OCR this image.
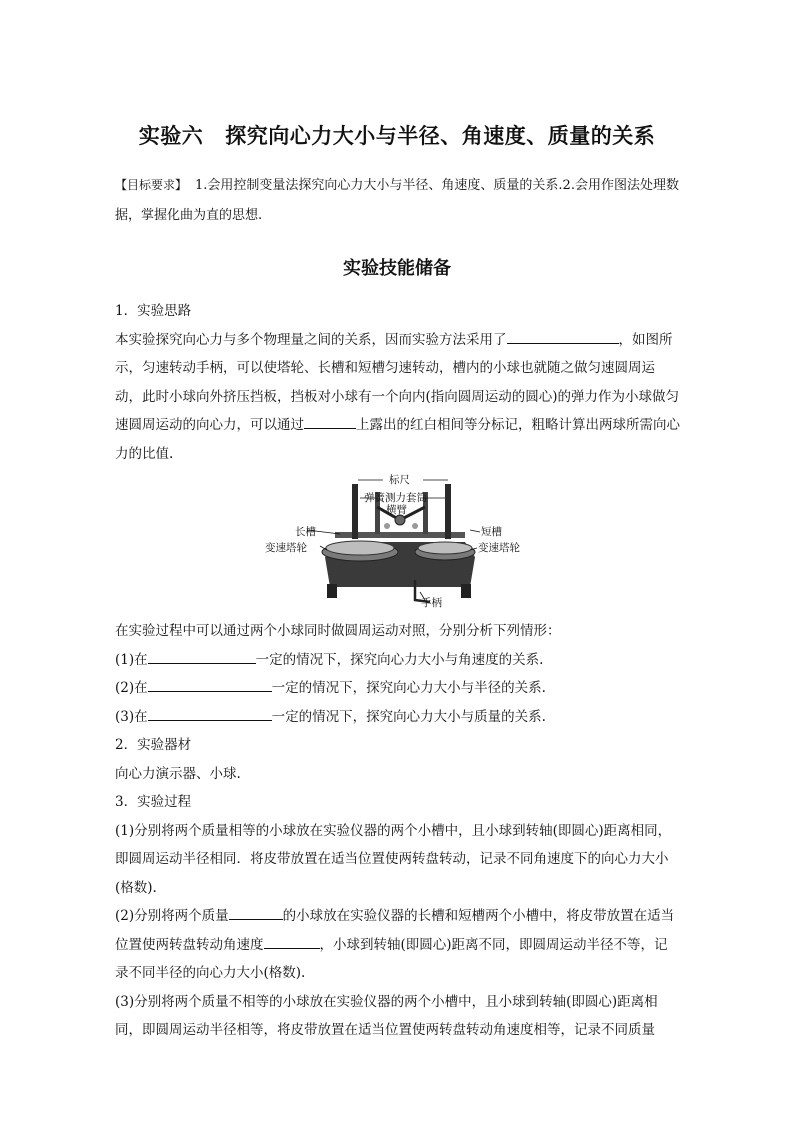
实验六 探究向心力大小与半径、角速度、质量的关系
【目标要求】 1.会用控制变量法探究向心力大小与半径、角速度、质量的关系.2.会用作图法处理数据，掌握化曲为直的思想.
实验技能储备

1．实验思路

本实验探究向心力与多个物理量之间的关系，因而实验方法采用了	，如图所示，匀速转动手柄，可以使塔轮、长槽和短槽匀速转动，槽内的小球也就随之做匀速圆周运动，此时小球向外挤压挡板，挡板对小球有一个向内(指向圆周运动的圆心)的弹力作为小球做匀速圆周运动的向心力，可以通过	上露出的红白相间等分标记，粗略计算出两球所需向心力的比值.

标尺
弹簧测力套筒
横臂
长槽
变速塔轮
短槽
变速塔轮
手柄

在实验过程中可以通过两个小球同时做圆周运动对照，分别分析下列情形：

(1)在	一定的情况下，探究向心力大小与角速度的关系.

(2)在	一定的情况下，探究向心力大小与半径的关系.

(3)在	一定的情况下，探究向心力大小与质量的关系.

2．实验器材

向心力演示器、小球.

3．实验过程

(1)分别将两个质量相等的小球放在实验仪器的两个小槽中，且小球到转轴(即圆心)距离相同，即圆周运动半径相同．将皮带放置在适当位置使两转盘转动，记录不同角速度下的向心力大小(格数).

(2)分别将两个质量	的小球放在实验仪器的长槽和短槽两个小槽中，将皮带放置在适当位置使两转盘转动角速度	，小球到转轴(即圆心)距离不同，即圆周运动半径不等，记录不同半径的向心力大小(格数).

(3)分别将两个质量不相等的小球放在实验仪器的两个小槽中，且小球到转轴(即圆心)距离相同，即圆周运动半径相等，将皮带放置在适当位置使两转盘转动角速度相等，记录不同质量
